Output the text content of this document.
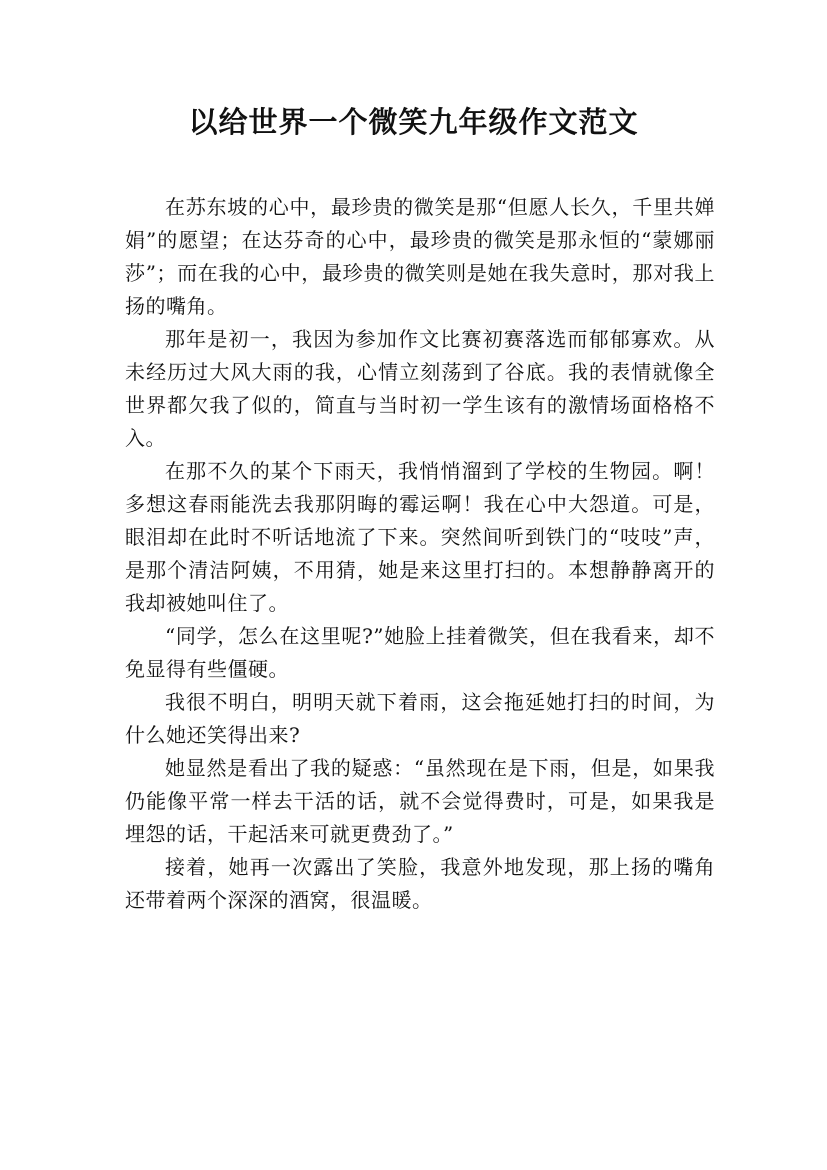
以给世界一个微笑九年级作文范文

在苏东坡的心中，最珍贵的微笑是那“但愿人长久，千里共婵娟”的愿望；在达芬奇的心中，最珍贵的微笑是那永恒的“蒙娜丽莎”；而在我的心中，最珍贵的微笑则是她在我失意时，那对我上扬的嘴角。

那年是初一，我因为参加作文比赛初赛落选而郁郁寡欢。从未经历过大风大雨的我，心情立刻荡到了谷底。我的表情就像全世界都欠我了似的，简直与当时初一学生该有的激情场面格格不入。

在那不久的某个下雨天，我悄悄溜到了学校的生物园。啊！多想这春雨能洗去我那阴晦的霉运啊！我在心中大怨道。可是，眼泪却在此时不听话地流了下来。突然间听到铁门的“吱吱”声，是那个清洁阿姨，不用猜，她是来这里打扫的。本想静静离开的我却被她叫住了。

“同学，怎么在这里呢?”她脸上挂着微笑，但在我看来，却不免显得有些僵硬。

我很不明白，明明天就下着雨，这会拖延她打扫的时间，为什么她还笑得出来?

她显然是看出了我的疑惑：“虽然现在是下雨，但是，如果我仍能像平常一样去干活的话，就不会觉得费时，可是，如果我是埋怨的话，干起活来可就更费劲了。”

接着，她再一次露出了笑脸，我意外地发现，那上扬的嘴角还带着两个深深的酒窝，很温暖。
